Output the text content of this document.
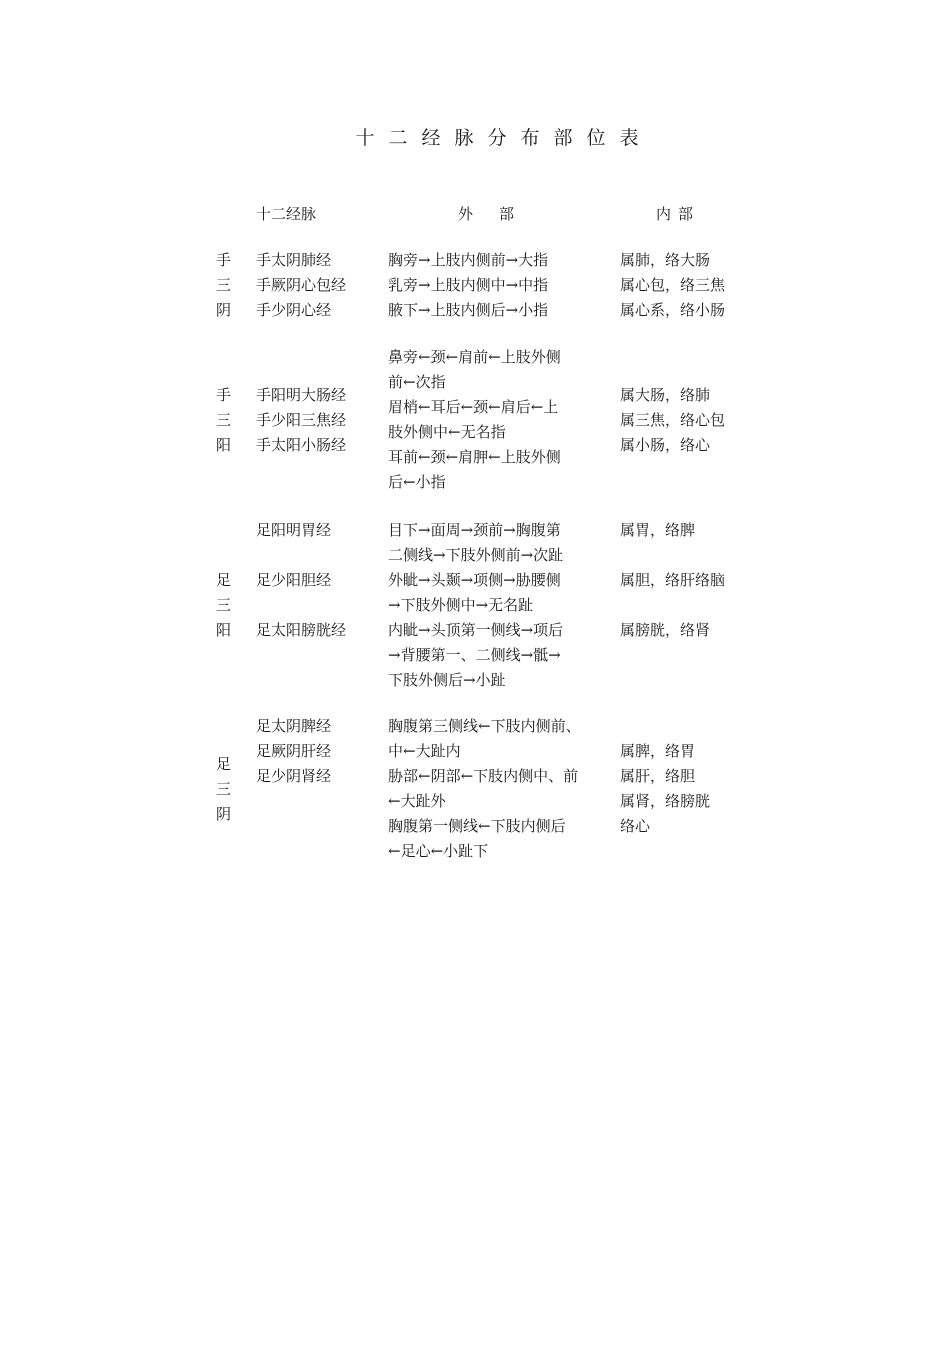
十二经脉分布部位表
十二经脉	外部	内部
手
三
阴
手太阴肺经
手厥阴心包经
手少阴心经
胸旁→上肢内侧前→大指
乳旁→上肢内侧中→中指
腋下→上肢内侧后→小指
属肺，络大肠
属心包，络三焦
属心系，络小肠
手
三
阳
手阳明大肠经
手少阳三焦经
手太阳小肠经
鼻旁←颈←肩前←上肢外侧
前←次指
眉梢←耳后←颈←肩后←上
肢外侧中←无名指
耳前←颈←肩胛←上肢外侧
后←小指
属大肠，络肺
属三焦，络心包
属小肠，络心
足
三
阳
足阳明胃经
足少阳胆经
足太阳膀胱经
目下→面周→颈前→胸腹第
二侧线→下肢外侧前→次趾
外眦→头颞→项侧→胁腰侧
→下肢外侧中→无名趾
内眦→头顶第一侧线→项后
→背腰第一、二侧线→骶→
下肢外侧后→小趾
属胃，络脾
属胆，络肝络脑
属膀胱，络肾
足
三
阴
足太阴脾经
足厥阴肝经
足少阴肾经
胸腹第三侧线←下肢内侧前、
中←大趾内
胁部←阴部←下肢内侧中、前
←大趾外
胸腹第一侧线←下肢内侧后
←足心←小趾下
属脾，络胃
属肝，络胆
属肾，络膀胱
络心
